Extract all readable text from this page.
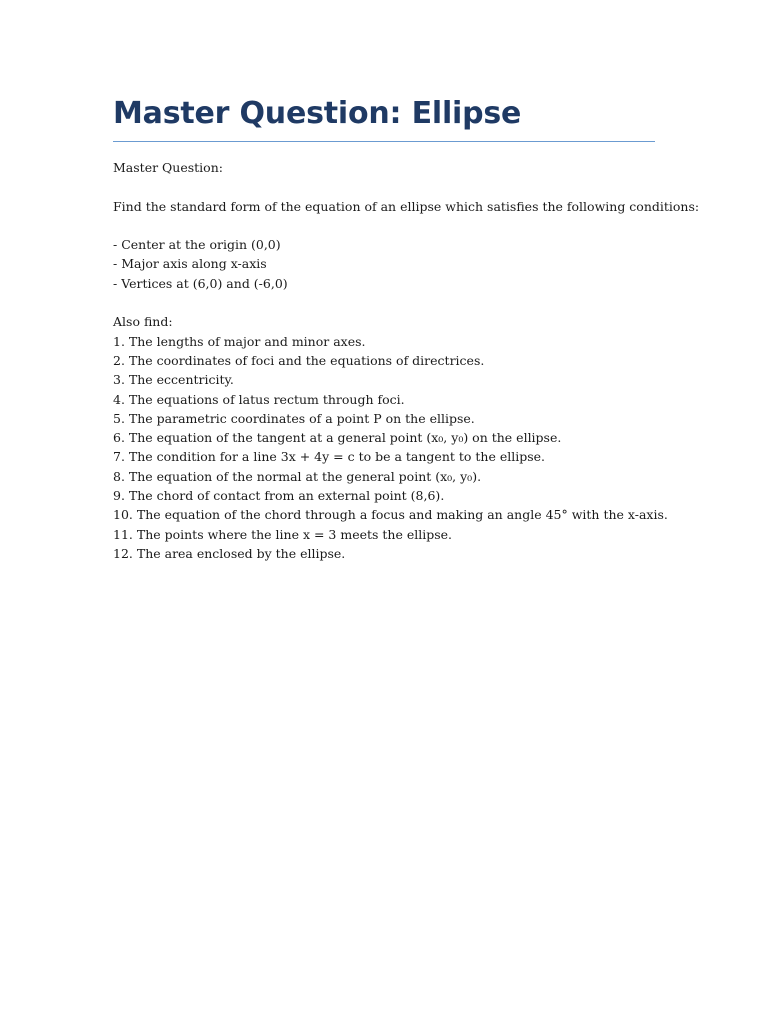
Master Question: Ellipse
Master Question:
Find the standard form of the equation of an ellipse which satisfies the following conditions:
- Center at the origin (0,0)
- Major axis along x-axis
- Vertices at (6,0) and (-6,0)
Also find:
1. The lengths of major and minor axes.
2. The coordinates of foci and the equations of directrices.
3. The eccentricity.
4. The equations of latus rectum through foci.
5. The parametric coordinates of a point P on the ellipse.
6. The equation of the tangent at a general point (x₀, y₀) on the ellipse.
7. The condition for a line 3x + 4y = c to be a tangent to the ellipse.
8. The equation of the normal at the general point (x₀, y₀).
9. The chord of contact from an external point (8,6).
10. The equation of the chord through a focus and making an angle 45° with the x-axis.
11. The points where the line x = 3 meets the ellipse.
12. The area enclosed by the ellipse.
